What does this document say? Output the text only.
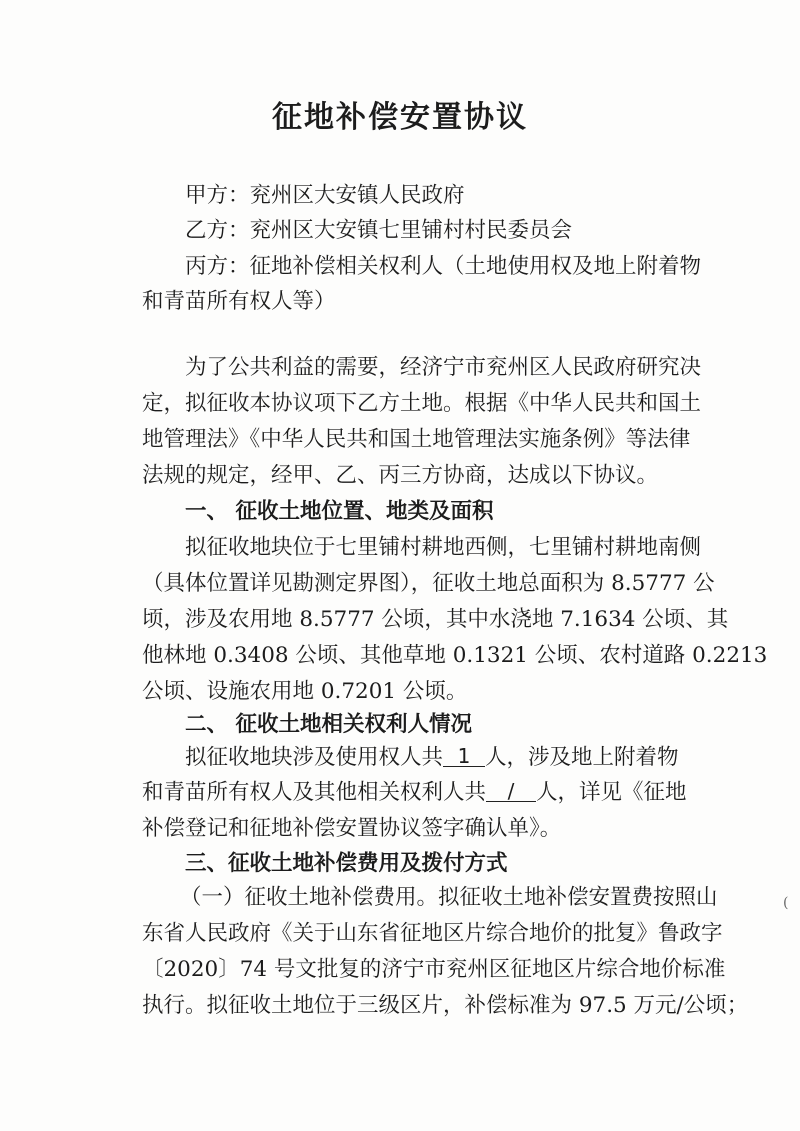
征地补偿安置协议
甲方：兖州区大安镇人民政府
乙方：兖州区大安镇七里铺村村民委员会
丙方：征地补偿相关权利人（土地使用权及地上附着物
和青苗所有权人等）
为了公共利益的需要，经济宁市兖州区人民政府研究决
定，拟征收本协议项下乙方土地。根据《中华人民共和国土
地管理法》《中华人民共和国土地管理法实施条例》等法律
法规的规定，经甲、乙、丙三方协商，达成以下协议。
一、 征收土地位置、地类及面积
拟征收地块位于七里铺村耕地西侧，七里铺村耕地南侧
（具体位置详见勘测定界图），征收土地总面积为 8.5777 公
顷，涉及农用地 8.5777 公顷，其中水浇地 7.1634 公顷、其
他林地 0.3408 公顷、其他草地 0.1321 公顷、农村道路 0.2213
公顷、设施农用地 0.7201 公顷。
二、 征收土地相关权利人情况
拟征收地块涉及使用权人共 1 人，涉及地上附着物
和青苗所有权人及其他相关权利人共 / 人，详见《征地
补偿登记和征地补偿安置协议签字确认单》。
三、征收土地补偿费用及拨付方式
（一）征收土地补偿费用。拟征收土地补偿安置费按照山
东省人民政府《关于山东省征地区片综合地价的批复》鲁政字
〔2020〕74 号文批复的济宁市兖州区征地区片综合地价标准
执行。拟征收土地位于三级区片，补偿标准为 97.5 万元/公顷；
(
